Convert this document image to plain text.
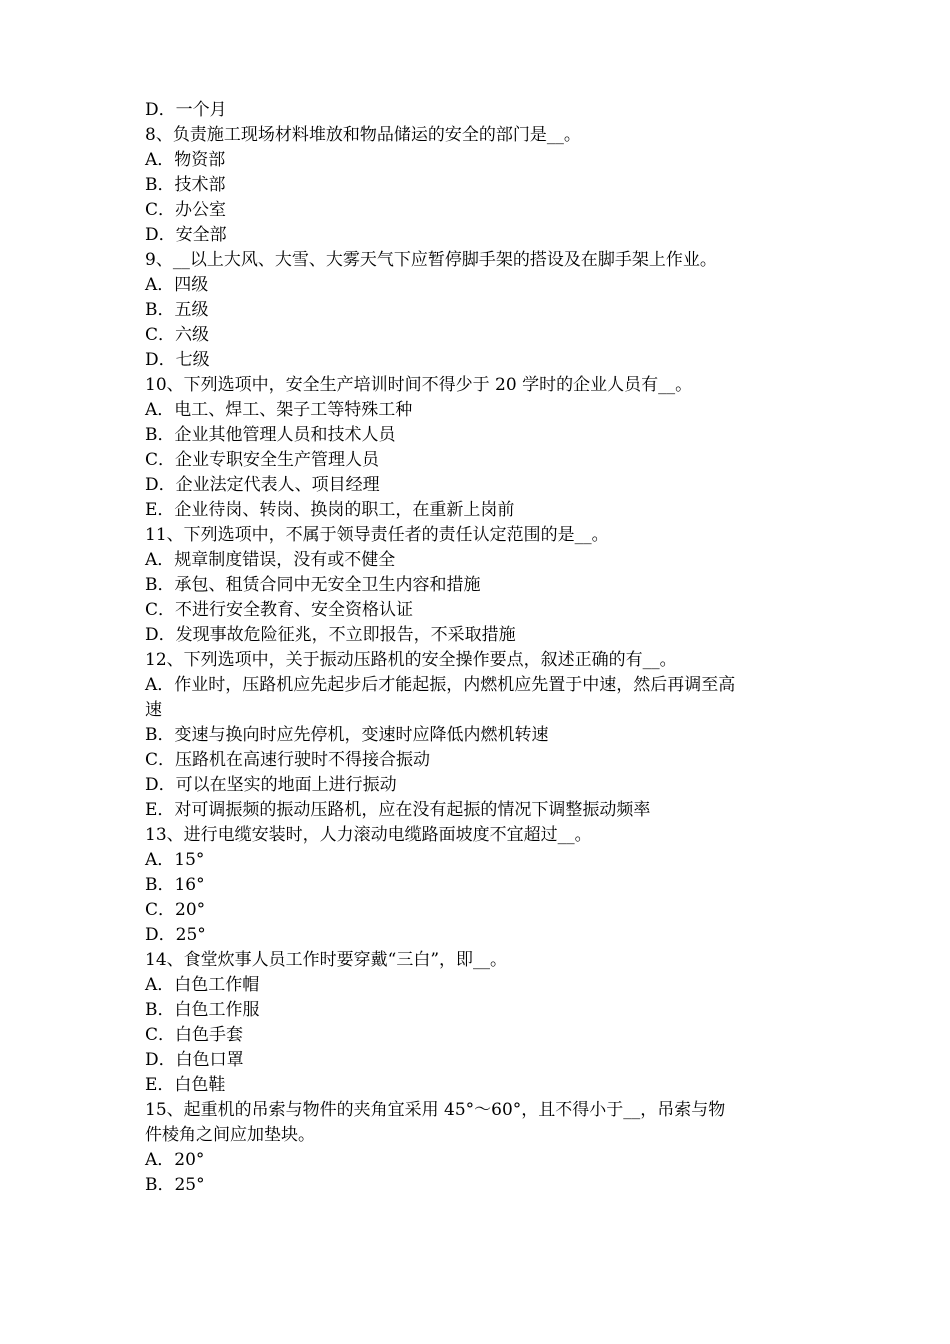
D．一个月

8、负责施工现场材料堆放和物品储运的安全的部门是__。

A．物资部

B．技术部

C．办公室

D．安全部

9、__以上大风、大雪、大雾天气下应暂停脚手架的搭设及在脚手架上作业。

A．四级

B．五级

C．六级

D．七级

10、下列选项中，安全生产培训时间不得少于 20 学时的企业人员有__。

A．电工、焊工、架子工等特殊工种

B．企业其他管理人员和技术人员

C．企业专职安全生产管理人员

D．企业法定代表人、项目经理

E．企业待岗、转岗、换岗的职工，在重新上岗前

11、下列选项中，不属于领导责任者的责任认定范围的是__。

A．规章制度错误，没有或不健全

B．承包、租赁合同中无安全卫生内容和措施

C．不进行安全教育、安全资格认证

D．发现事故危险征兆，不立即报告，不采取措施

12、下列选项中，关于振动压路机的安全操作要点，叙述正确的有__。

A．作业时，压路机应先起步后才能起振，内燃机应先置于中速，然后再调至高

速

B．变速与换向时应先停机，变速时应降低内燃机转速

C．压路机在高速行驶时不得接合振动

D．可以在坚实的地面上进行振动

E．对可调振频的振动压路机，应在没有起振的情况下调整振动频率

13、进行电缆安装时，人力滚动电缆路面坡度不宜超过__。

A．15°

B．16°

C．20°

D．25°

14、食堂炊事人员工作时要穿戴“三白”，即__。

A．白色工作帽

B．白色工作服

C．白色手套

D．白色口罩

E．白色鞋

15、起重机的吊索与物件的夹角宜采用 45°～60°，且不得小于__，吊索与物

件棱角之间应加垫块。

A．20°

B．25°
